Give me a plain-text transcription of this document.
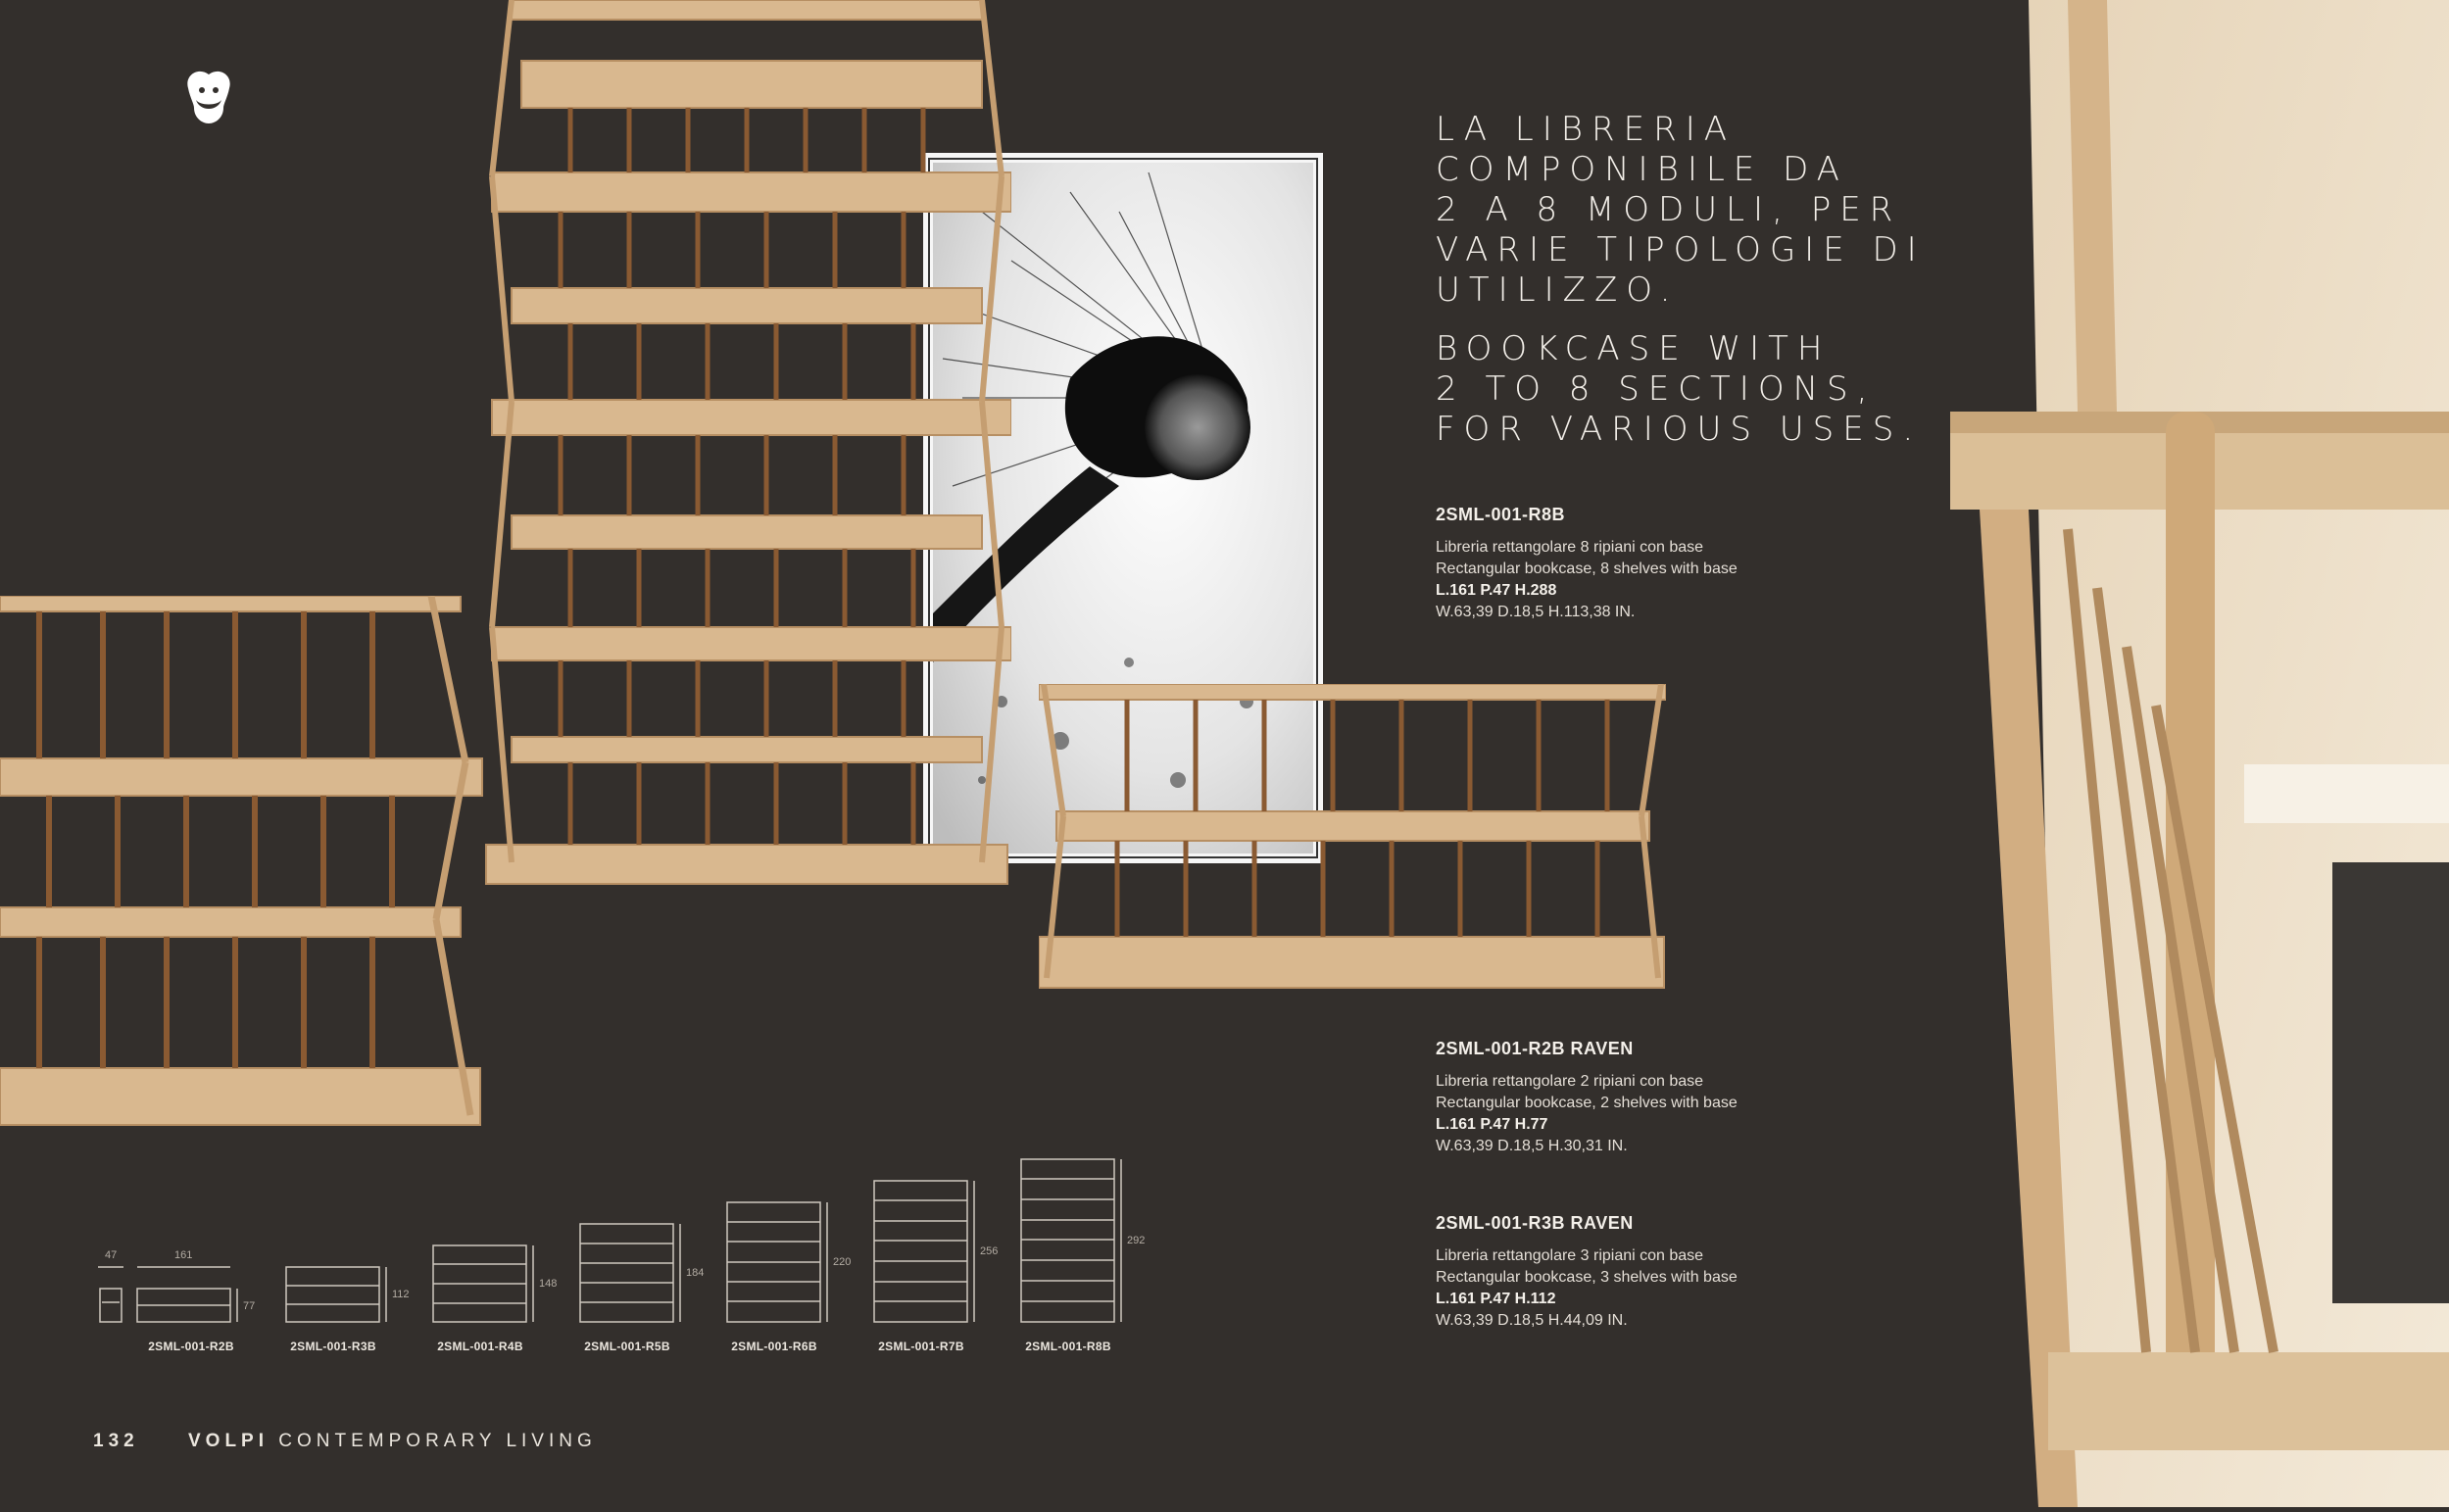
LA LIBRERIA
COMPONIBILE DA
2 A 8 MODULI, PER
VARIE TIPOLOGIE DI
UTILIZZO.
BOOKCASE WITH
2 TO 8 SECTIONS,
FOR VARIOUS USES.
2SML-001-R8B
Libreria rettangolare 8 ripiani con base
Rectangular bookcase, 8 shelves with base
L.161 P.47 H.288
W.63,39 D.18,5 H.113,38 IN.
2SML-001-R2B RAVEN
Libreria rettangolare 2 ripiani con base
Rectangular bookcase, 2 shelves with base
L.161 P.47 H.77
W.63,39 D.18,5 H.30,31 IN.
2SML-001-R3B RAVEN
Libreria rettangolare 3 ripiani con base
Rectangular bookcase, 3 shelves with base
L.161 P.47 H.112
W.63,39 D.18,5 H.44,09 IN.
47	161
77
112
148
184
220
256
292
2SML-001-R2B	2SML-001-R3B	2SML-001-R4B	2SML-001-R5B	2SML-001-R6B	2SML-001-R7B	2SML-001-R8B
132	VOLPI CONTEMPORARY LIVING
